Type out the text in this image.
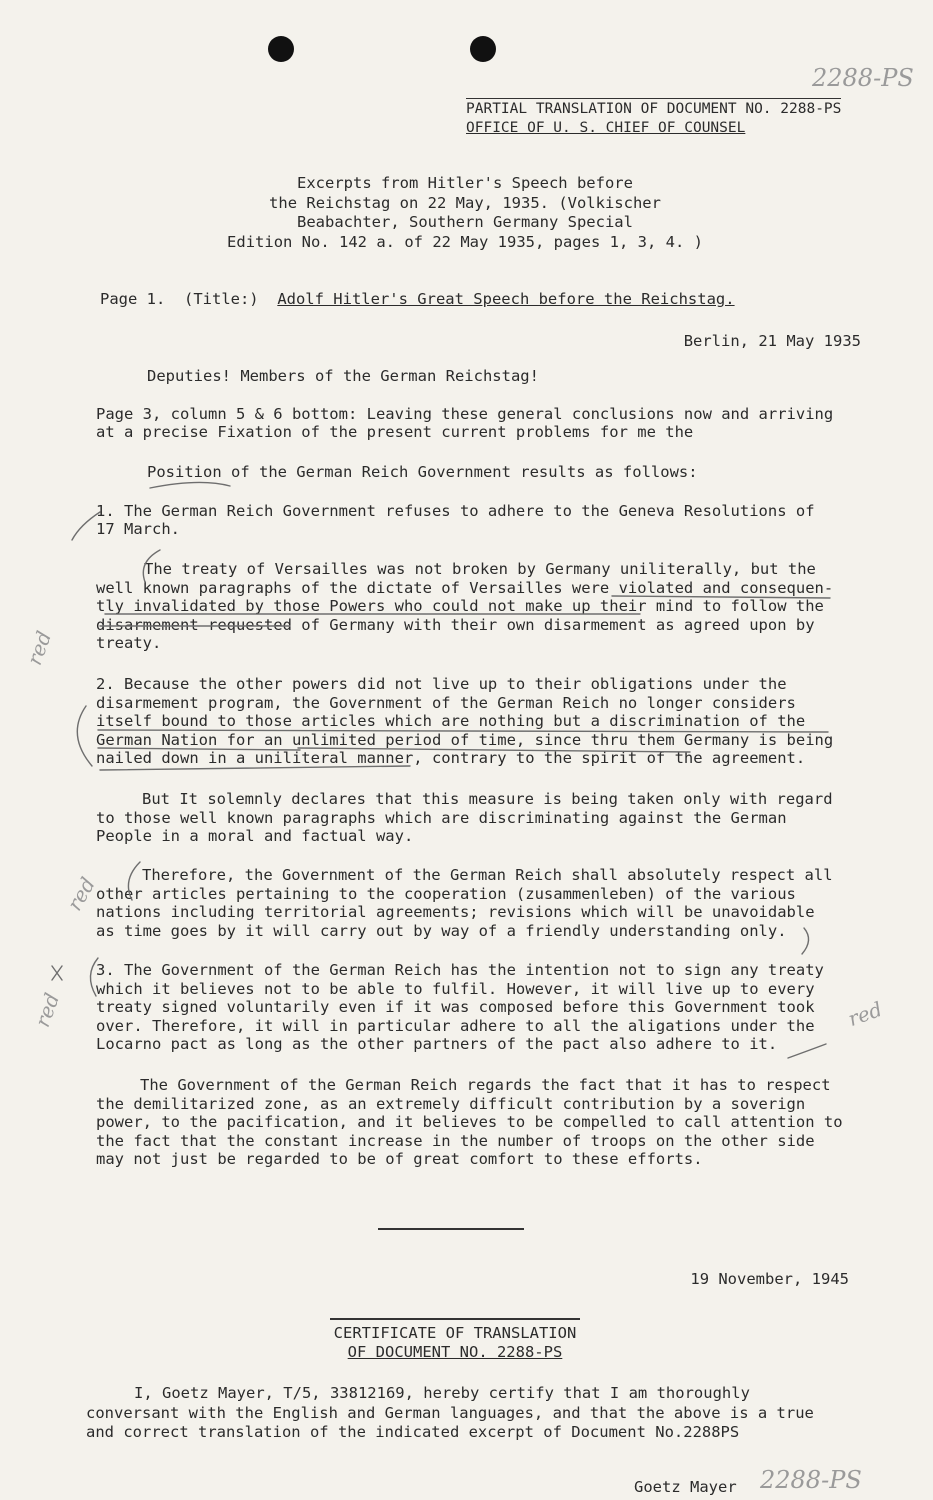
2288-PS
PARTIAL TRANSLATION OF DOCUMENT NO. 2288-PS
OFFICE OF U. S. CHIEF OF COUNSEL
Excerpts from Hitler's Speech before
the Reichstag on 22 May, 1935. (Volkischer
Beabachter, Southern Germany Special
Edition No. 142 a. of 22 May 1935, pages 1, 3, 4. )
Page 1.  (Title:) Adolf Hitler's Great Speech before the Reichstag.
Berlin, 21 May 1935
Deputies! Members of the German Reichstag!
Page 3, column 5 & 6 bottom: Leaving these general conclusions now and arriving
at a precise Fixation of the present current problems for me the
Position of the German Reich Government results as follows:
1. The German Reich Government refuses to adhere to the Geneva Resolutions of
17 March.
The treaty of Versailles was not broken by Germany uniliterally, but the
well known paragraphs of the dictate of Versailles were violated and consequen-
tly invalidated by those Powers who could not make up their mind to follow the
disarmement requested of Germany with their own disarmement as agreed upon by
treaty.
2. Because the other powers did not live up to their obligations under the
disarmement program, the Government of the German Reich no longer considers
itself bound to those articles which are nothing but a discrimination of the
German Nation for an unlimited period of time, since thru them Germany is being
nailed down in a uniliteral manner, contrary to the spirit of the agreement.
But It solemnly declares that this measure is being taken only with regard
to those well known paragraphs which are discriminating against the German
People in a moral and factual way.
Therefore, the Government of the German Reich shall absolutely respect all
other articles pertaining to the cooperation (zusammenleben) of the various
nations including territorial agreements; revisions which will be unavoidable
as time goes by it will carry out by way of a friendly understanding only.
3. The Government of the German Reich has the intention not to sign any treaty
which it believes not to be able to fulfil. However, it will live up to every
treaty signed voluntarily even if it was composed before this Government took
over. Therefore, it will in particular adhere to all the aligations under the
Locarno pact as long as the other partners of the pact also adhere to it.
The Government of the German Reich regards the fact that it has to respect
the demilitarized zone, as an extremely difficult contribution by a soverign
power, to the pacification, and it believes to be compelled to call attention to
the fact that the constant increase in the number of troops on the other side
may not just be regarded to be of great comfort to these efforts.
19 November, 1945
CERTIFICATE OF TRANSLATION
OF DOCUMENT NO. 2288-PS
I, Goetz Mayer, T/5, 33812169, hereby certify that I am thoroughly
conversant with the English and German languages, and that the above is a true
and correct translation of the indicated excerpt of Document No.2288PS
Goetz Mayer 2288-PS
red
red
red	red
